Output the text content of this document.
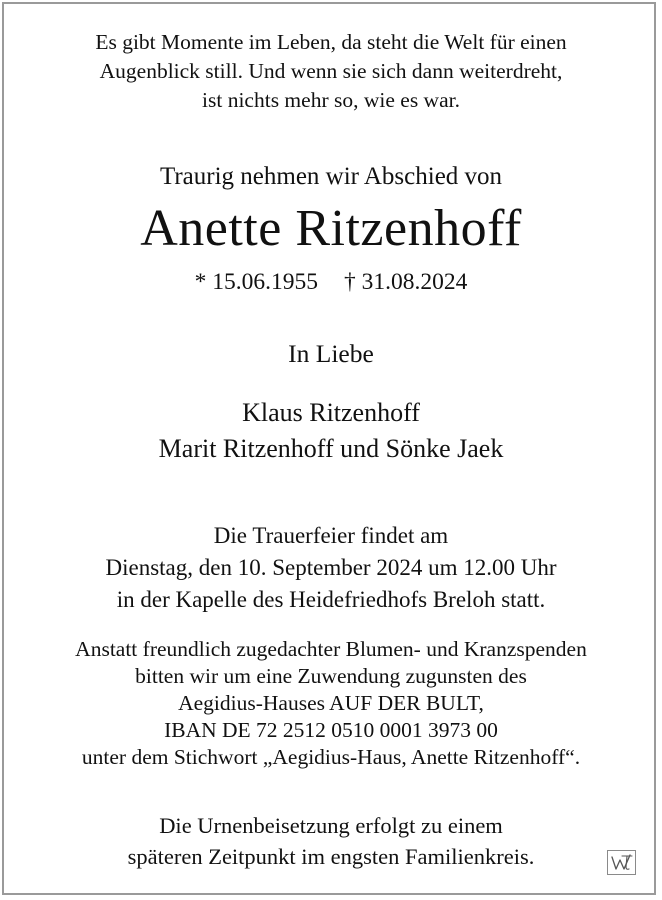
Es gibt Momente im Leben, da steht die Welt für einen
Augenblick still. Und wenn sie sich dann weiterdreht,
ist nichts mehr so, wie es war.
Traurig nehmen wir Abschied von
Anette Ritzenhoff
* 15.06.1955 † 31.08.2024
In Liebe
Klaus Ritzenhoff
Marit Ritzenhoff und Sönke Jaek
Die Trauerfeier findet am
Dienstag, den 10. September 2024 um 12.00 Uhr
in der Kapelle des Heidefriedhofs Breloh statt.
Anstatt freundlich zugedachter Blumen- und Kranzspenden
bitten wir um eine Zuwendung zugunsten des
Aegidius-Hauses AUF DER BULT,
IBAN DE 72 2512 0510 0001 3973 00
unter dem Stichwort „Aegidius-Haus, Anette Ritzenhoff“.
Die Urnenbeisetzung erfolgt zu einem
späteren Zeitpunkt im engsten Familienkreis.
